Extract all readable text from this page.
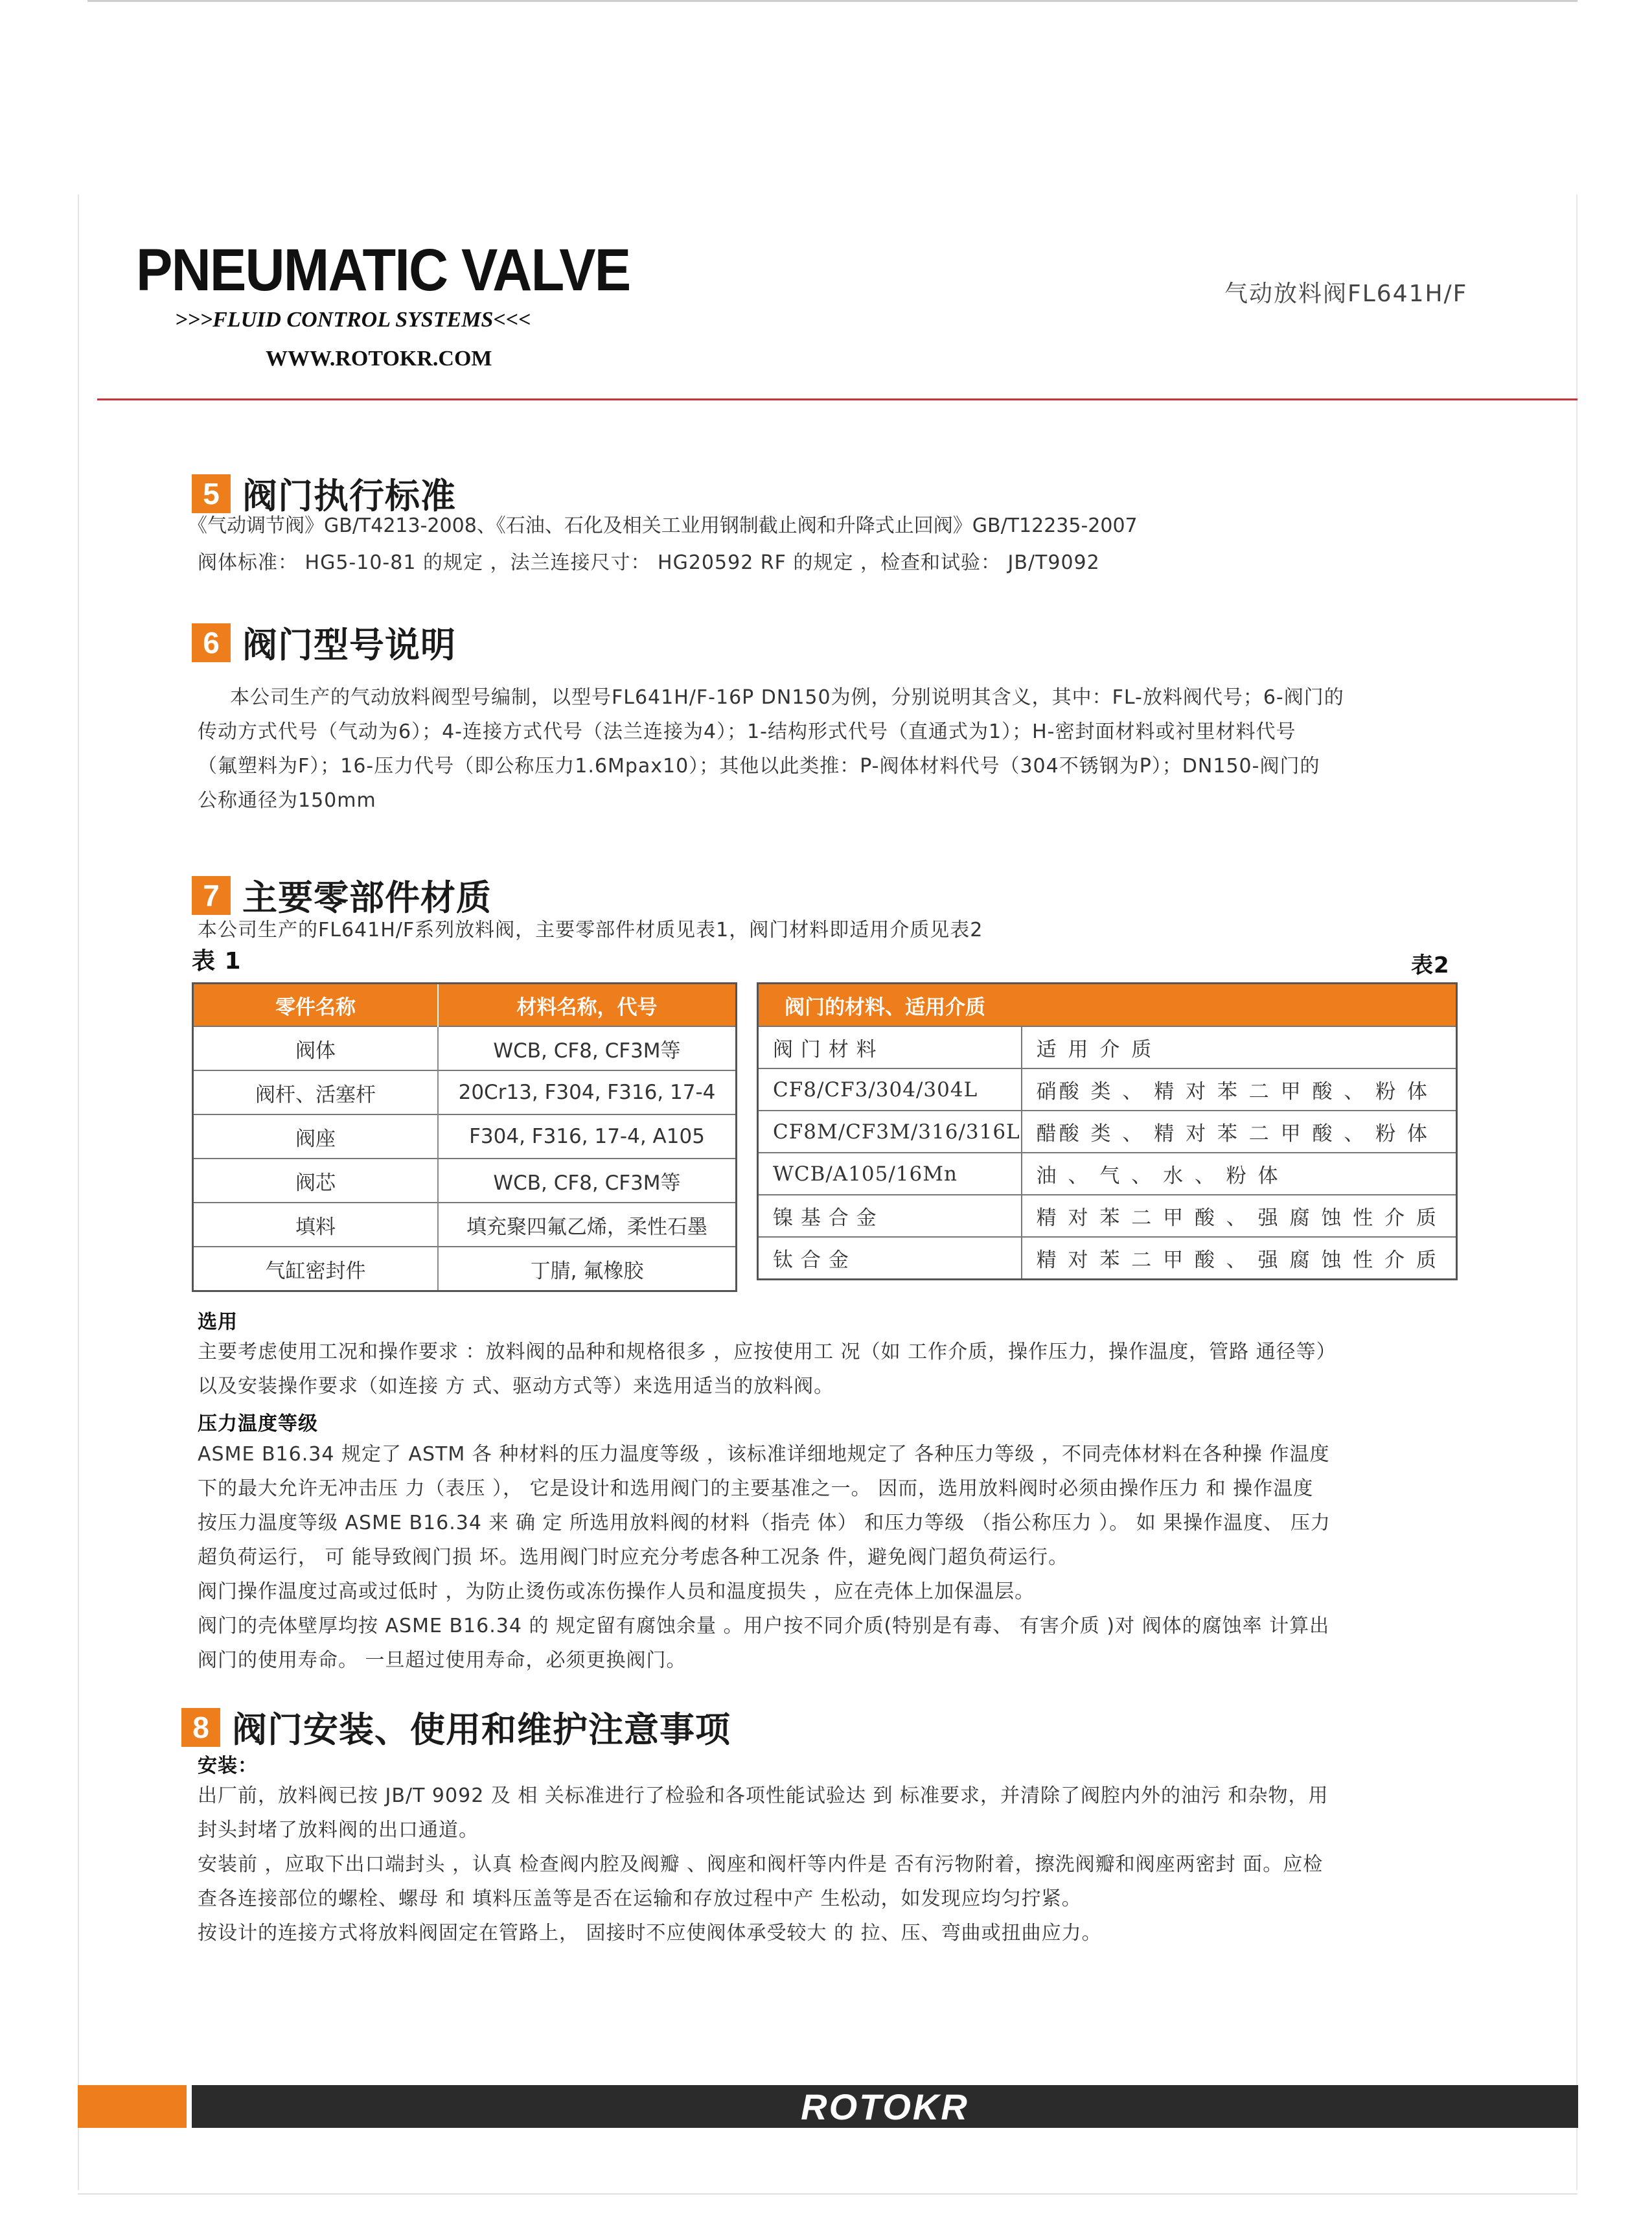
PNEUMATIC VALVE
>>>FLUID CONTROL SYSTEMS<<<
WWW.ROTOKR.COM
气动放料阀FL641H/F
5 阀门执行标准
《气动调节阀》GB/T4213-2008、《石油、石化及相关工业用钢制截止阀和升降式止回阀》GB/T12235-2007
阀体标准： HG5-10-81 的规定 ，法兰连接尺寸： HG20592 RF 的规定 ，检查和试验： JB/T9092
6 阀门型号说明
本公司生产的气动放料阀型号编制，以型号FL641H/F-16P DN150为例，分别说明其含义，其中：FL-放料阀代号；6-阀门的
传动方式代号（气动为6）；4-连接方式代号（法兰连接为4）；1-结构形式代号（直通式为1）；H-密封面材料或衬里材料代号
（氟塑料为F）；16-压力代号（即公称压力1.6Mpax10）；其他以此类推：P-阀体材料代号（304不锈钢为P）；DN150-阀门的
公称通径为150mm
7 主要零部件材质
本公司生产的FL641H/F系列放料阀，主要零部件材质见表1，阀门材料即适用介质见表2
表 1	表2
零件名称	材料名称，代号
阀体	WCB, CF8, CF3M等
阀杆、活塞杆	20Cr13, F304, F316, 17-4
阀座	F304, F316, 17-4, A105
阀芯	WCB, CF8, CF3M等
填料	填充聚四氟乙烯，柔性石墨
气缸密封件	丁腈, 氟橡胶
阀门的材料、适用介质	
阀 门 材 料	适 用 介 质
CF8/CF3/304/304L	硝酸 类 、 精 对 苯 二 甲 酸 、 粉 体
CF8M/CF3M/316/316L	醋酸 类 、 精 对 苯 二 甲 酸 、 粉 体
WCB/A105/16Mn	油 、 气 、 水 、 粉 体
镍 基 合 金	精 对 苯 二 甲 酸 、 强 腐 蚀 性 介 质
钛 合 金	精 对 苯 二 甲 酸 、 强 腐 蚀 性 介 质
选用
主要考虑使用工况和操作要求 ：放料阀的品种和规格很多 ，应按使用工 况（如 工作介质，操作压力，操作温度，管路 通径等）
以及安装操作要求（如连接 方 式、驱动方式等）来选用适当的放料阀。
压力温度等级
ASME B16.34 规定了 ASTM 各 种材料的压力温度等级 ，该标准详细地规定了 各种压力等级 ，不同壳体材料在各种操 作温度
下的最大允许无冲击压 力（表压 ）， 它是设计和选用阀门的主要基准之一。 因而，选用放料阀时必须由操作压力 和 操作温度
按压力温度等级 ASME B16.34 来 确 定 所选用放料阀的材料（指壳 体） 和压力等级 （指公称压力 ）。 如 果操作温度、 压力
超负荷运行， 可 能导致阀门损 坏。选用阀门时应充分考虑各种工况条 件，避免阀门超负荷运行。
阀门操作温度过高或过低时 ，为防止烫伤或冻伤操作人员和温度损失 ，应在壳体上加保温层。
阀门的壳体壁厚均按 ASME B16.34 的 规定留有腐蚀余量 。用户按不同介质(特别是有毒、 有害介质 )对 阀体的腐蚀率 计算出
阀门的使用寿命。 一旦超过使用寿命，必须更换阀门。
8 阀门安装、使用和维护注意事项
安装：
出厂前，放料阀已按 JB/T 9092 及 相 关标准进行了检验和各项性能试验达 到 标准要求，并清除了阀腔内外的油污 和杂物，用
封头封堵了放料阀的出口通道。
安装前 ，应取下出口端封头 ，认真 检查阀内腔及阀瓣 、阀座和阀杆等内件是 否有污物附着，擦洗阀瓣和阀座两密封 面。应检
查各连接部位的螺栓、螺母 和 填料压盖等是否在运输和存放过程中产 生松动，如发现应均匀拧紧。
按设计的连接方式将放料阀固定在管路上， 固接时不应使阀体承受较大 的 拉、压、弯曲或扭曲应力。
ROTOKR
